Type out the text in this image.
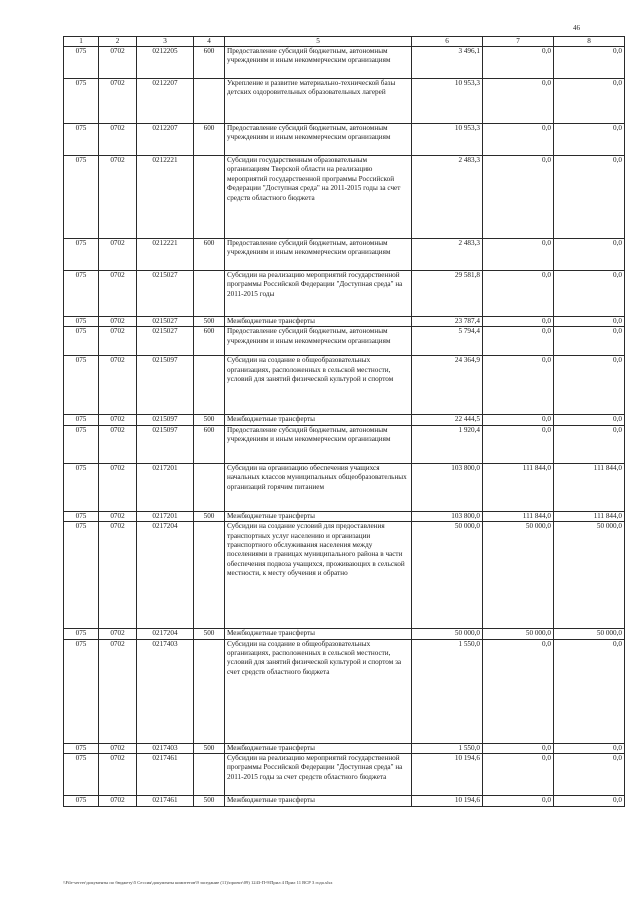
46
1	2	3	4	5	6	7	8
075	0702	0212205	600	Предоставление субсидий бюджетным, автономным учреждениям и иным некоммерческим организациям	3 496,1	0,0	0,0
075	0702	0212207		Укрепление и развитие материально-технической базы детских оздоровительных образовательных лагерей	10 953,3	0,0	0,0
075	0702	0212207	600	Предоставление субсидий бюджетным, автономным учреждениям и иным некоммерческим организациям	10 953,3	0,0	0,0
075	0702	0212221		Субсидии государственным образовательным организациям Тверской области на реализацию мероприятий государственной программы Российской Федерации "Доступная среда" на 2011-2015 годы за счет средств областного бюджета	2 483,3	0,0	0,0
075	0702	0212221	600	Предоставление субсидий бюджетным, автономным учреждениям и иным некоммерческим организациям	2 483,3	0,0	0,0
075	0702	0215027		Субсидии на реализацию мероприятий государственной программы Российской Федерации "Доступная среда" на 2011-2015 годы	29 581,8	0,0	0,0
075	0702	0215027	500	Межбюджетные трансферты	23 787,4	0,0	0,0
075	0702	0215027	600	Предоставление субсидий бюджетным, автономным учреждениям и иным некоммерческим организациям	5 794,4	0,0	0,0
075	0702	0215097		Субсидии на создание в общеобразовательных организациях, расположенных в сельской местности, условий для занятий физической культурой и спортом	24 364,9	0,0	0,0
075	0702	0215097	500	Межбюджетные трансферты	22 444,5	0,0	0,0
075	0702	0215097	600	Предоставление субсидий бюджетным, автономным учреждениям и иным некоммерческим организациям	1 920,4	0,0	0,0
075	0702	0217201		Субсидии на организацию обеспечения учащихся начальных классов муниципальных общеобразовательных организаций горячим питанием	103 800,0	111 844,0	111 844,0
075	0702	0217201	500	Межбюджетные трансферты	103 800,0	111 844,0	111 844,0
075	0702	0217204		Субсидии на создание условий для предоставления транспортных услуг населению и организации транспортного обслуживания населения между поселениями в границах муниципального района в части обеспечения подвоза учащихся, проживающих в сельской местности, к месту обучения и обратно	50 000,0	50 000,0	50 000,0
075	0702	0217204	500	Межбюджетные трансферты	50 000,0	50 000,0	50 000,0
075	0702	0217403		Субсидии на создание в общеобразовательных организациях, расположенных в сельской местности, условий для занятий физической культурой и спортом за счет средств областного бюджета	1 550,0	0,0	0,0
075	0702	0217403	500	Межбюджетные трансферты	1 550,0	0,0	0,0
075	0702	0217461		Субсидии на реализацию мероприятий государственной программы Российской Федерации "Доступная среда" на 2011-2015 годы за счет средств областного бюджета	10 194,6	0,0	0,0
075	0702	0217461	500	Межбюджетные трансферты	10 194,6	0,0	0,0
\\File-server\документы по бюджету\5 Сессия\документы комитетов\9 заседание (11)\проект\09) 1243-П-9\Прил 4 Прил 11 ВСР 3 года.xlsx
